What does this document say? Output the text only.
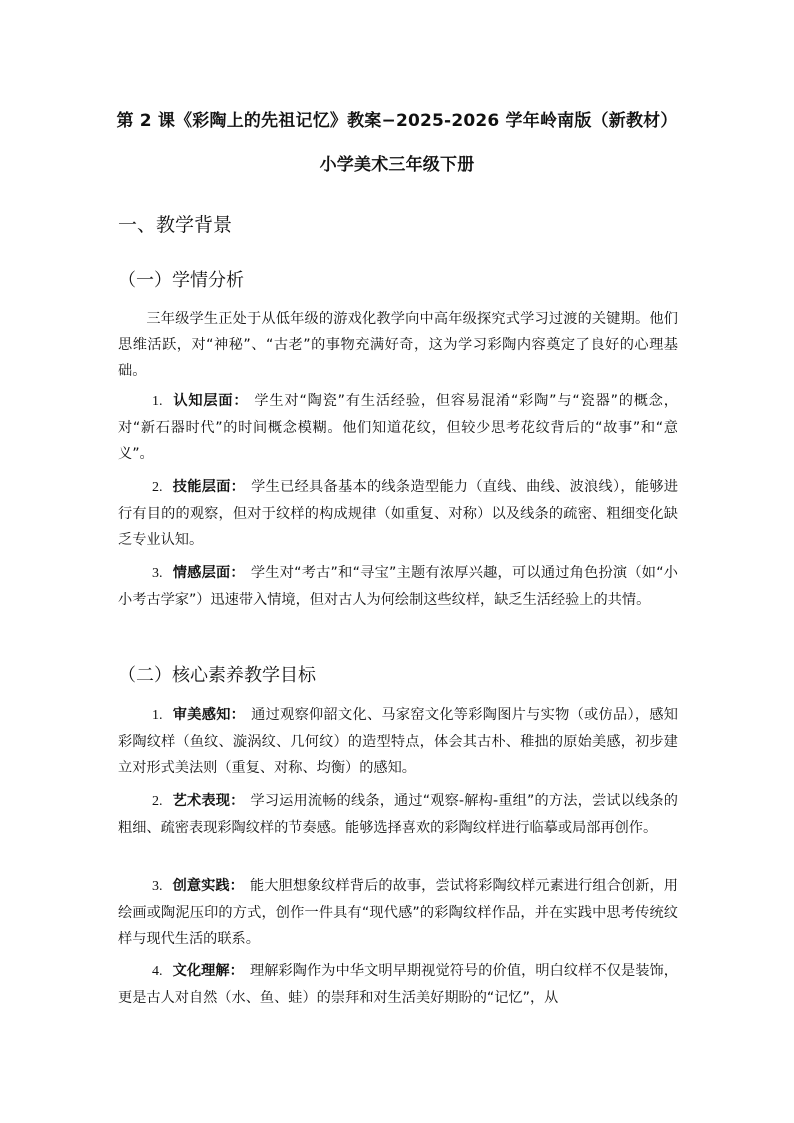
第 2 课《彩陶上的先祖记忆》教案−2025-2026 学年岭南版（新教材）
小学美术三年级下册
一、教学背景
（一）学情分析

三年级学生正处于从低年级的游戏化教学向中高年级探究式学习过渡的关键期。他们思维活跃，对“神秘”、“古老”的事物充满好奇，这为学习彩陶内容奠定了良好的心理基础。

1. 认知层面： 学生对“陶瓷”有生活经验，但容易混淆“彩陶”与“瓷器”的概念，对“新石器时代”的时间概念模糊。他们知道花纹，但较少思考花纹背后的“故事”和“意义”。

2. 技能层面： 学生已经具备基本的线条造型能力（直线、曲线、波浪线），能够进行有目的的观察，但对于纹样的构成规律（如重复、对称）以及线条的疏密、粗细变化缺乏专业认知。

3. 情感层面： 学生对“考古”和“寻宝”主题有浓厚兴趣，可以通过角色扮演（如“小小考古学家”）迅速带入情境，但对古人为何绘制这些纹样，缺乏生活经验上的共情。

（二）核心素养教学目标

1. 审美感知： 通过观察仰韶文化、马家窑文化等彩陶图片与实物（或仿品），感知彩陶纹样（鱼纹、漩涡纹、几何纹）的造型特点，体会其古朴、稚拙的原始美感，初步建立对形式美法则（重复、对称、均衡）的感知。

2. 艺术表现： 学习运用流畅的线条，通过“观察-解构-重组”的方法，尝试以线条的粗细、疏密表现彩陶纹样的节奏感。能够选择喜欢的彩陶纹样进行临摹或局部再创作。

3. 创意实践： 能大胆想象纹样背后的故事，尝试将彩陶纹样元素进行组合创新，用绘画或陶泥压印的方式，创作一件具有“现代感”的彩陶纹样作品，并在实践中思考传统纹样与现代生活的联系。

4. 文化理解： 理解彩陶作为中华文明早期视觉符号的价值，明白纹样不仅是装饰，更是古人对自然（水、鱼、蛙）的崇拜和对生活美好期盼的“记忆”，从
